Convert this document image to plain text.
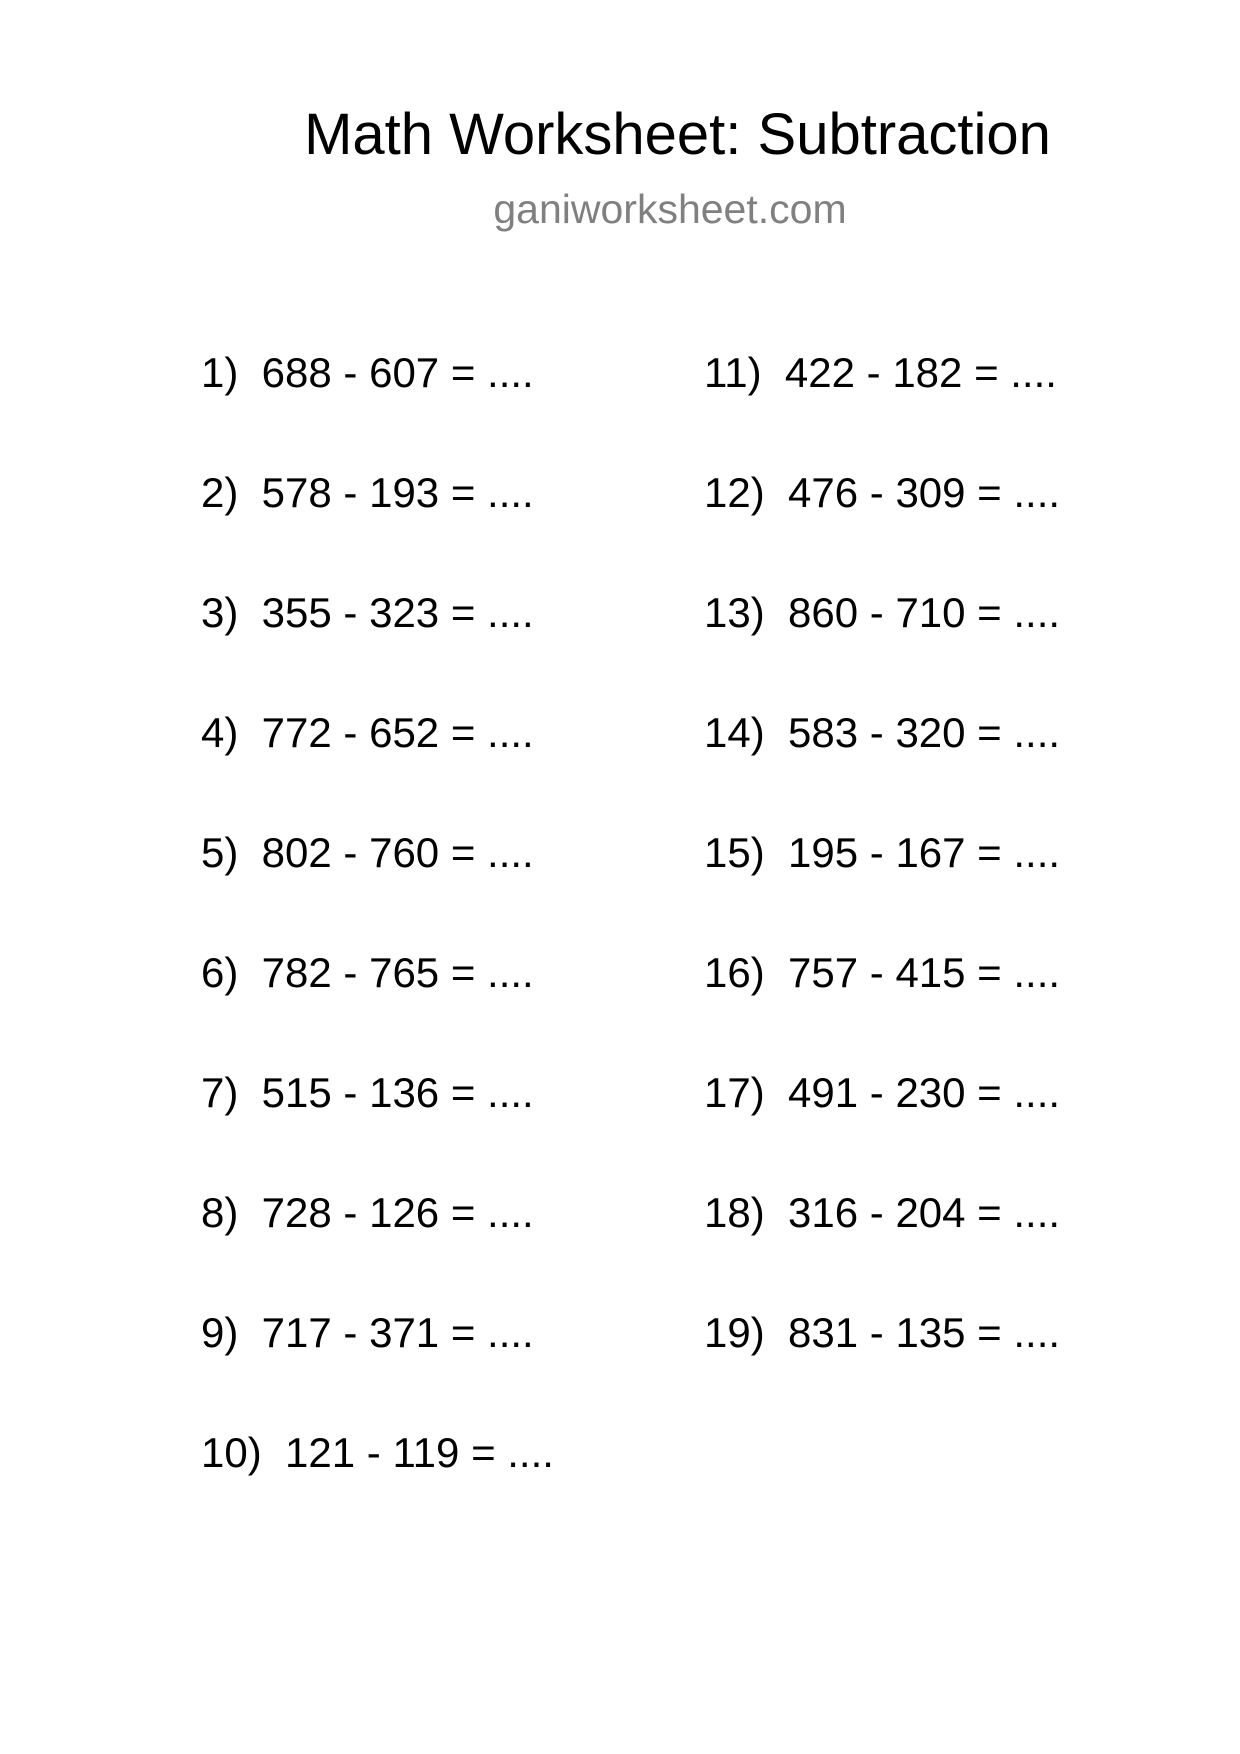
Math Worksheet: Subtraction
ganiworksheet.com
1)  688 - 607 = ....
2)  578 - 193 = ....
3)  355 - 323 = ....
4)  772 - 652 = ....
5)  802 - 760 = ....
6)  782 - 765 = ....
7)  515 - 136 = ....
8)  728 - 126 = ....
9)  717 - 371 = ....
10)  121 - 119 = ....
11)  422 - 182 = ....
12)  476 - 309 = ....
13)  860 - 710 = ....
14)  583 - 320 = ....
15)  195 - 167 = ....
16)  757 - 415 = ....
17)  491 - 230 = ....
18)  316 - 204 = ....
19)  831 - 135 = ....
